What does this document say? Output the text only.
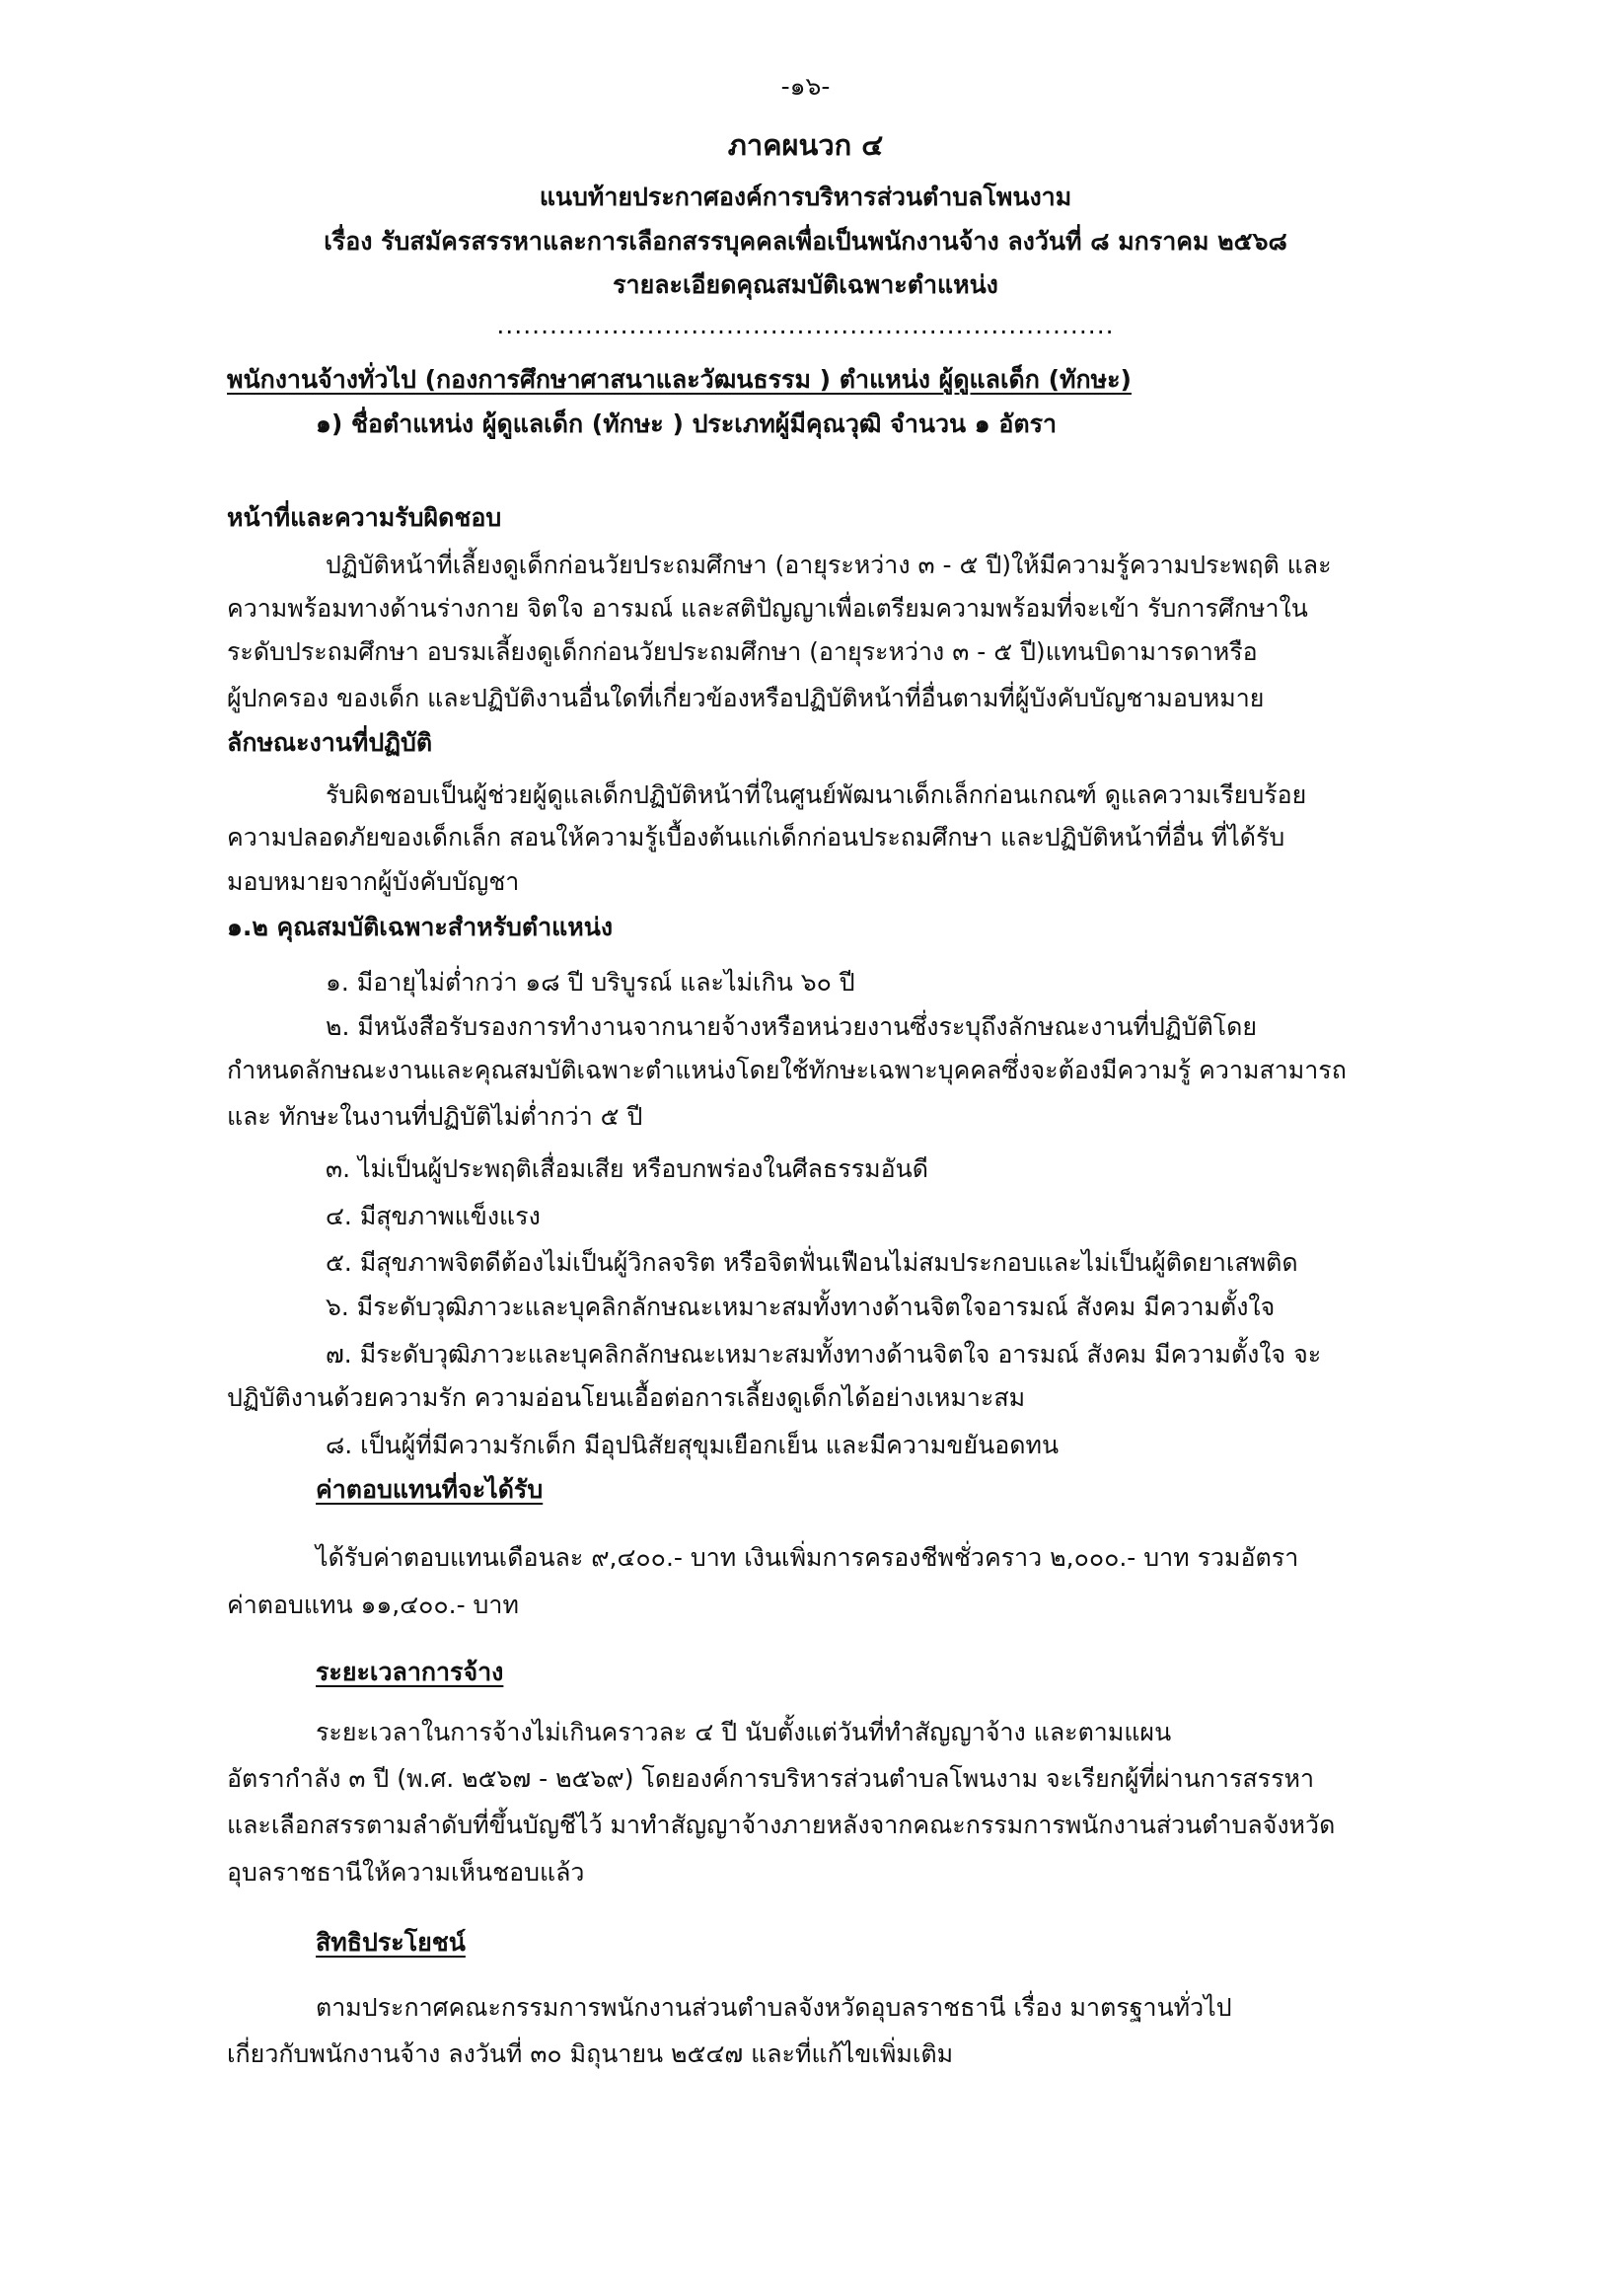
-๑๖-
ภาคผนวก ๔
แนบท้ายประกาศองค์การบริหารส่วนตำบลโพนงาม
เรื่อง รับสมัครสรรหาและการเลือกสรรบุคคลเพื่อเป็นพนักงานจ้าง ลงวันที่ ๘ มกราคม ๒๕๖๘
รายละเอียดคุณสมบัติเฉพาะตำแหน่ง
......................................................................
พนักงานจ้างทั่วไป (กองการศึกษาศาสนาและวัฒนธรรม ) ตำแหน่ง ผู้ดูแลเด็ก (ทักษะ)
๑) ชื่อตำแหน่ง ผู้ดูแลเด็ก (ทักษะ ) ประเภทผู้มีคุณวุฒิ จำนวน ๑ อัตรา
หน้าที่และความรับผิดชอบ
ปฏิบัติหน้าที่เลี้ยงดูเด็กก่อนวัยประถมศึกษา (อายุระหว่าง ๓ - ๕ ปี)ให้มีความรู้ความประพฤติ และ
ความพร้อมทางด้านร่างกาย จิตใจ อารมณ์ และสติปัญญาเพื่อเตรียมความพร้อมที่จะเข้า รับการศึกษาใน
ระดับประถมศึกษา อบรมเลี้ยงดูเด็กก่อนวัยประถมศึกษา (อายุระหว่าง ๓ - ๕ ปี)แทนบิดามารดาหรือ
ผู้ปกครอง ของเด็ก และปฏิบัติงานอื่นใดที่เกี่ยวข้องหรือปฏิบัติหน้าที่อื่นตามที่ผู้บังคับบัญชามอบหมาย
ลักษณะงานที่ปฏิบัติ
รับผิดชอบเป็นผู้ช่วยผู้ดูแลเด็กปฏิบัติหน้าที่ในศูนย์พัฒนาเด็กเล็กก่อนเกณฑ์ ดูแลความเรียบร้อย
ความปลอดภัยของเด็กเล็ก สอนให้ความรู้เบื้องต้นแก่เด็กก่อนประถมศึกษา และปฏิบัติหน้าที่อื่น ที่ได้รับ
มอบหมายจากผู้บังคับบัญชา
๑.๒ คุณสมบัติเฉพาะสำหรับตำแหน่ง
๑. มีอายุไม่ต่ำกว่า ๑๘ ปี บริบูรณ์ และไม่เกิน ๖๐ ปี
๒. มีหนังสือรับรองการทำงานจากนายจ้างหรือหน่วยงานซึ่งระบุถึงลักษณะงานที่ปฏิบัติโดย
กำหนดลักษณะงานและคุณสมบัติเฉพาะตำแหน่งโดยใช้ทักษะเฉพาะบุคคลซึ่งจะต้องมีความรู้ ความสามารถ
และ ทักษะในงานที่ปฏิบัติไม่ต่ำกว่า ๕ ปี
๓. ไม่เป็นผู้ประพฤติเสื่อมเสีย หรือบกพร่องในศีลธรรมอันดี
๔. มีสุขภาพแข็งแรง
๕. มีสุขภาพจิตดีต้องไม่เป็นผู้วิกลจริต หรือจิตฟั่นเฟือนไม่สมประกอบและไม่เป็นผู้ติดยาเสพติด
๖. มีระดับวุฒิภาวะและบุคลิกลักษณะเหมาะสมทั้งทางด้านจิตใจอารมณ์ สังคม มีความตั้งใจ
๗. มีระดับวุฒิภาวะและบุคลิกลักษณะเหมาะสมทั้งทางด้านจิตใจ อารมณ์ สังคม มีความตั้งใจ จะ
ปฏิบัติงานด้วยความรัก ความอ่อนโยนเอื้อต่อการเลี้ยงดูเด็กได้อย่างเหมาะสม
๘. เป็นผู้ที่มีความรักเด็ก มีอุปนิสัยสุขุมเยือกเย็น และมีความขยันอดทน
ค่าตอบแทนที่จะได้รับ
ได้รับค่าตอบแทนเดือนละ ๙,๔๐๐.- บาท เงินเพิ่มการครองชีพชั่วคราว ๒,๐๐๐.- บาท รวมอัตรา
ค่าตอบแทน ๑๑,๔๐๐.- บาท
ระยะเวลาการจ้าง
ระยะเวลาในการจ้างไม่เกินคราวละ ๔ ปี นับตั้งแต่วันที่ทำสัญญาจ้าง และตามแผน
อัตรากำลัง ๓ ปี (พ.ศ. ๒๕๖๗ - ๒๕๖๙) โดยองค์การบริหารส่วนตำบลโพนงาม จะเรียกผู้ที่ผ่านการสรรหา
และเลือกสรรตามลำดับที่ขึ้นบัญชีไว้ มาทำสัญญาจ้างภายหลังจากคณะกรรมการพนักงานส่วนตำบลจังหวัด
อุบลราชธานีให้ความเห็นชอบแล้ว
สิทธิประโยชน์
ตามประกาศคณะกรรมการพนักงานส่วนตำบลจังหวัดอุบลราชธานี เรื่อง มาตรฐานทั่วไป
เกี่ยวกับพนักงานจ้าง ลงวันที่ ๓๐ มิถุนายน ๒๕๔๗ และที่แก้ไขเพิ่มเติม
